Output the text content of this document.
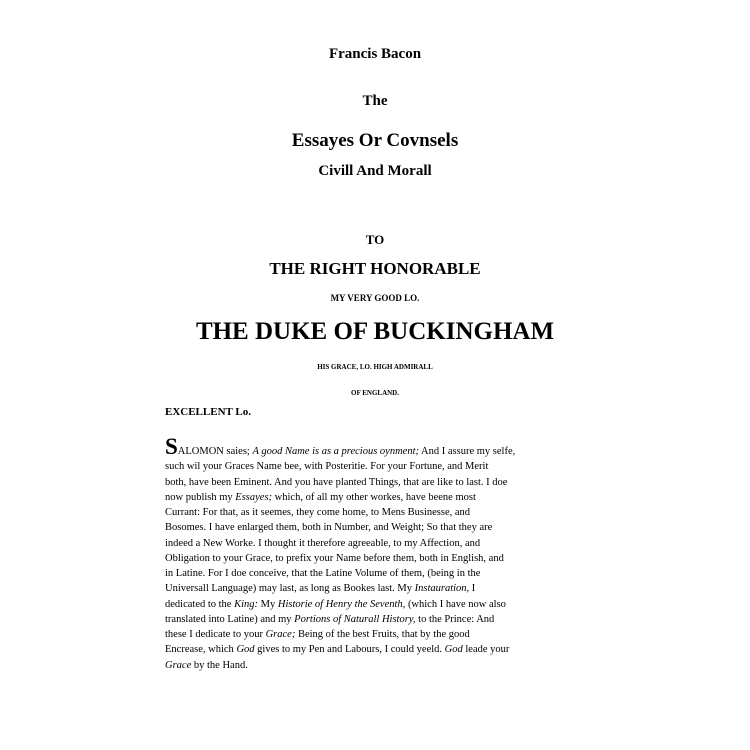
Francis Bacon
The
Essayes Or Covnsels
Civill And Morall
TO
THE RIGHT HONORABLE
MY VERY GOOD LO.
THE DUKE OF BUCKINGHAM
HIS GRACE, LO. HIGH ADMIRALL
OF ENGLAND.
EXCELLENT Lo.
SALOMON saies; A good Name is as a precious oynment; And I assure my selfe,
such wil your Graces Name bee, with Posteritie. For your Fortune, and Merit
both, have been Eminent. And you have planted Things, that are like to last. I doe
now publish my Essayes; which, of all my other workes, have beene most
Currant: For that, as it seemes, they come home, to Mens Businesse, and
Bosomes. I have enlarged them, both in Number, and Weight; So that they are
indeed a New Worke. I thought it therefore agreeable, to my Affection, and
Obligation to your Grace, to prefix your Name before them, both in English, and
in Latine. For I doe conceive, that the Latine Volume of them, (being in the
Universall Language) may last, as long as Bookes last. My Instauration, I
dedicated to the King: My Historie of Henry the Seventh, (which I have now also
translated into Latine) and my Portions of Naturall History, to the Prince: And
these I dedicate to your Grace; Being of the best Fruits, that by the good
Encrease, which God gives to my Pen and Labours, I could yeeld. God leade your
Grace by the Hand.
